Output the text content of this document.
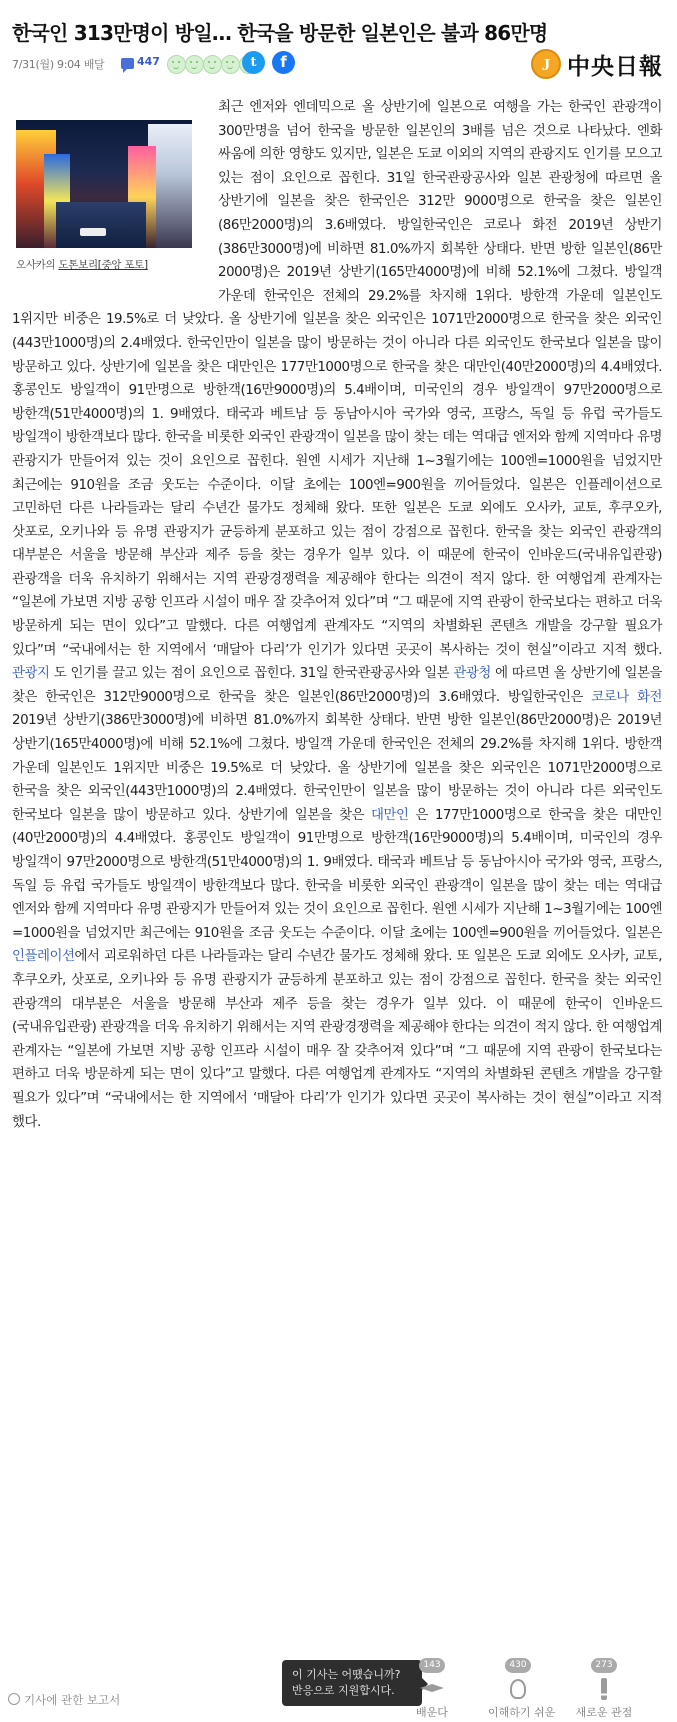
한국인 313만명이 방일… 한국을 방문한 일본인은 불과 86만명
7/31(월) 9:04 배달	447	t	f	J 中央日報
오사카의 도톤보리[중앙 포토]
최근 엔저와 엔데믹으로 올 상반기에 일본으로 여행을 가는 한국인 관광객이 300만명을 넘어 한국을 방문한 일본인의 3배를 넘은 것으로 나타났다. 엔화 싸움에 의한 영향도 있지만, 일본은 도쿄 이외의 지역의 관광지도 인기를 모으고 있는 점이 요인으로 꼽힌다. 31일 한국관광공사와 일본 관광청에 따르면 올 상반기에 일본을 찾은 한국인은 312만 9000명으로 한국을 찾은 일본인(86만2000명)의 3.6배였다. 방일한국인은 코로나 화전 2019년 상반기(386만3000명)에 비하면 81.0%까지 회복한 상태다. 반면 방한 일본인(86만 2000명)은 2019년 상반기(165만4000명)에 비해 52.1%에 그쳤다. 방일객 가운데 한국인은 전체의 29.2%를 차지해 1위다. 방한객 가운데 일본인도 1위지만 비중은 19.5%로 더 낮았다. 올 상반기에 일본을 찾은 외국인은 1071만2000명으로 한국을 찾은 외국인(443만1000명)의 2.4배였다. 한국인만이 일본을 많이 방문하는 것이 아니라 다른 외국인도 한국보다 일본을 많이 방문하고 있다. 상반기에 일본을 찾은 대만인은 177만1000명으로 한국을 찾은 대만인(40만2000명)의 4.4배였다. 홍콩인도 방일객이 91만명으로 방한객(16만9000명)의 5.4배이며, 미국인의 경우 방일객이 97만2000명으로 방한객(51만4000명)의 1. 9배였다. 태국과 베트남 등 동남아시아 국가와 영국, 프랑스, 독일 등 유럽 국가들도 방일객이 방한객보다 많다. 한국을 비롯한 외국인 관광객이 일본을 많이 찾는 데는 역대급 엔저와 함께 지역마다 유명 관광지가 만들어져 있는 것이 요인으로 꼽힌다. 원엔 시세가 지난해 1~3월기에는 100엔=1000원을 넘었지만 최근에는 910원을 조금 웃도는 수준이다. 이달 초에는 100엔=900원을 끼어들었다. 일본은 인플레이션으로 고민하던 다른 나라들과는 달리 수년간 물가도 정체해 왔다. 또한 일본은 도쿄 외에도 오사카, 교토, 후쿠오카, 삿포로, 오키나와 등 유명 관광지가 균등하게 분포하고 있는 점이 강점으로 꼽힌다. 한국을 찾는 외국인 관광객의 대부분은 서울을 방문해 부산과 제주 등을 찾는 경우가 일부 있다. 이 때문에 한국이 인바운드(국내유입관광) 관광객을 더욱 유치하기 위해서는 지역 관광경쟁력을 제공해야 한다는 의견이 적지 않다. 한 여행업계 관계자는 “일본에 가보면 지방 공항 인프라 시설이 매우 잘 갖추어져 있다”며 “그 때문에 지역 관광이 한국보다는 편하고 더욱 방문하게 되는 면이 있다”고 말했다. 다른 여행업계 관계자도 “지역의 차별화된 콘텐츠 개발을 강구할 필요가 있다”며 “국내에서는 한 지역에서 ‘매달아 다리’가 인기가 있다면 곳곳이 복사하는 것이 현실”이라고 지적 했다.관광지 도 인기를 끌고 있는 점이 요인으로 꼽힌다. 31일 한국관광공사와 일본 관광청 에 따르면 올 상반기에 일본을 찾은 한국인은 312만9000명으로 한국을 찾은 일본인(86만2000명)의 3.6배였다. 방일한국인은 코로나 화전 2019년 상반기(386만3000명)에 비하면 81.0%까지 회복한 상태다. 반면 방한 일본인(86만2000명)은 2019년 상반기(165만4000명)에 비해 52.1%에 그쳤다. 방일객 가운데 한국인은 전체의 29.2%를 차지해 1위다. 방한객 가운데 일본인도 1위지만 비중은 19.5%로 더 낮았다. 올 상반기에 일본을 찾은 외국인은 1071만2000명으로 한국을 찾은 외국인(443만1000명)의 2.4배였다. 한국인만이 일본을 많이 방문하는 것이 아니라 다른 외국인도 한국보다 일본을 많이 방문하고 있다. 상반기에 일본을 찾은 대만인 은 177만1000명으로 한국을 찾은 대만인(40만2000명)의 4.4배였다. 홍콩인도 방일객이 91만명으로 방한객(16만9000명)의 5.4배이며, 미국인의 경우 방일객이 97만2000명으로 방한객(51만4000명)의 1. 9배였다. 태국과 베트남 등 동남아시아 국가와 영국, 프랑스, 독일 등 유럽 국가들도 방일객이 방한객보다 많다. 한국을 비롯한 외국인 관광객이 일본을 많이 찾는 데는 역대급 엔저와 함께 지역마다 유명 관광지가 만들어져 있는 것이 요인으로 꼽힌다. 원엔 시세가 지난해 1~3월기에는 100엔=1000원을 넘었지만 최근에는 910원을 조금 웃도는 수준이다. 이달 초에는 100엔=900원을 끼어들었다. 일본은 인플레이션에서 괴로워하던 다른 나라들과는 달리 수년간 물가도 정체해 왔다. 또 일본은 도쿄 외에도 오사카, 교토, 후쿠오카, 삿포로, 오키나와 등 유명 관광지가 균등하게 분포하고 있는 점이 강점으로 꼽힌다. 한국을 찾는 외국인 관광객의 대부분은 서울을 방문해 부산과 제주 등을 찾는 경우가 일부 있다. 이 때문에 한국이 인바운드(국내유입관광) 관광객을 더욱 유치하기 위해서는 지역 관광경쟁력을 제공해야 한다는 의견이 적지 않다. 한 여행업계 관계자는 “일본에 가보면 지방 공항 인프라 시설이 매우 잘 갖추어져 있다”며 “그 때문에 지역 관광이 한국보다는 편하고 더욱 방문하게 되는 면이 있다”고 말했다. 다른 여행업계 관계자도 “지역의 차별화된 콘텐츠 개발을 강구할 필요가 있다”며 “국내에서는 한 지역에서 ‘매달아 다리’가 인기가 있다면 곳곳이 복사하는 것이 현실”이라고 지적 했다.
기사에 관한 보고서
이 기사는 어떘습니까?
반응으로 지원합시다.
143
배운다
430
이해하기 쉬운
273
새로운 관점
